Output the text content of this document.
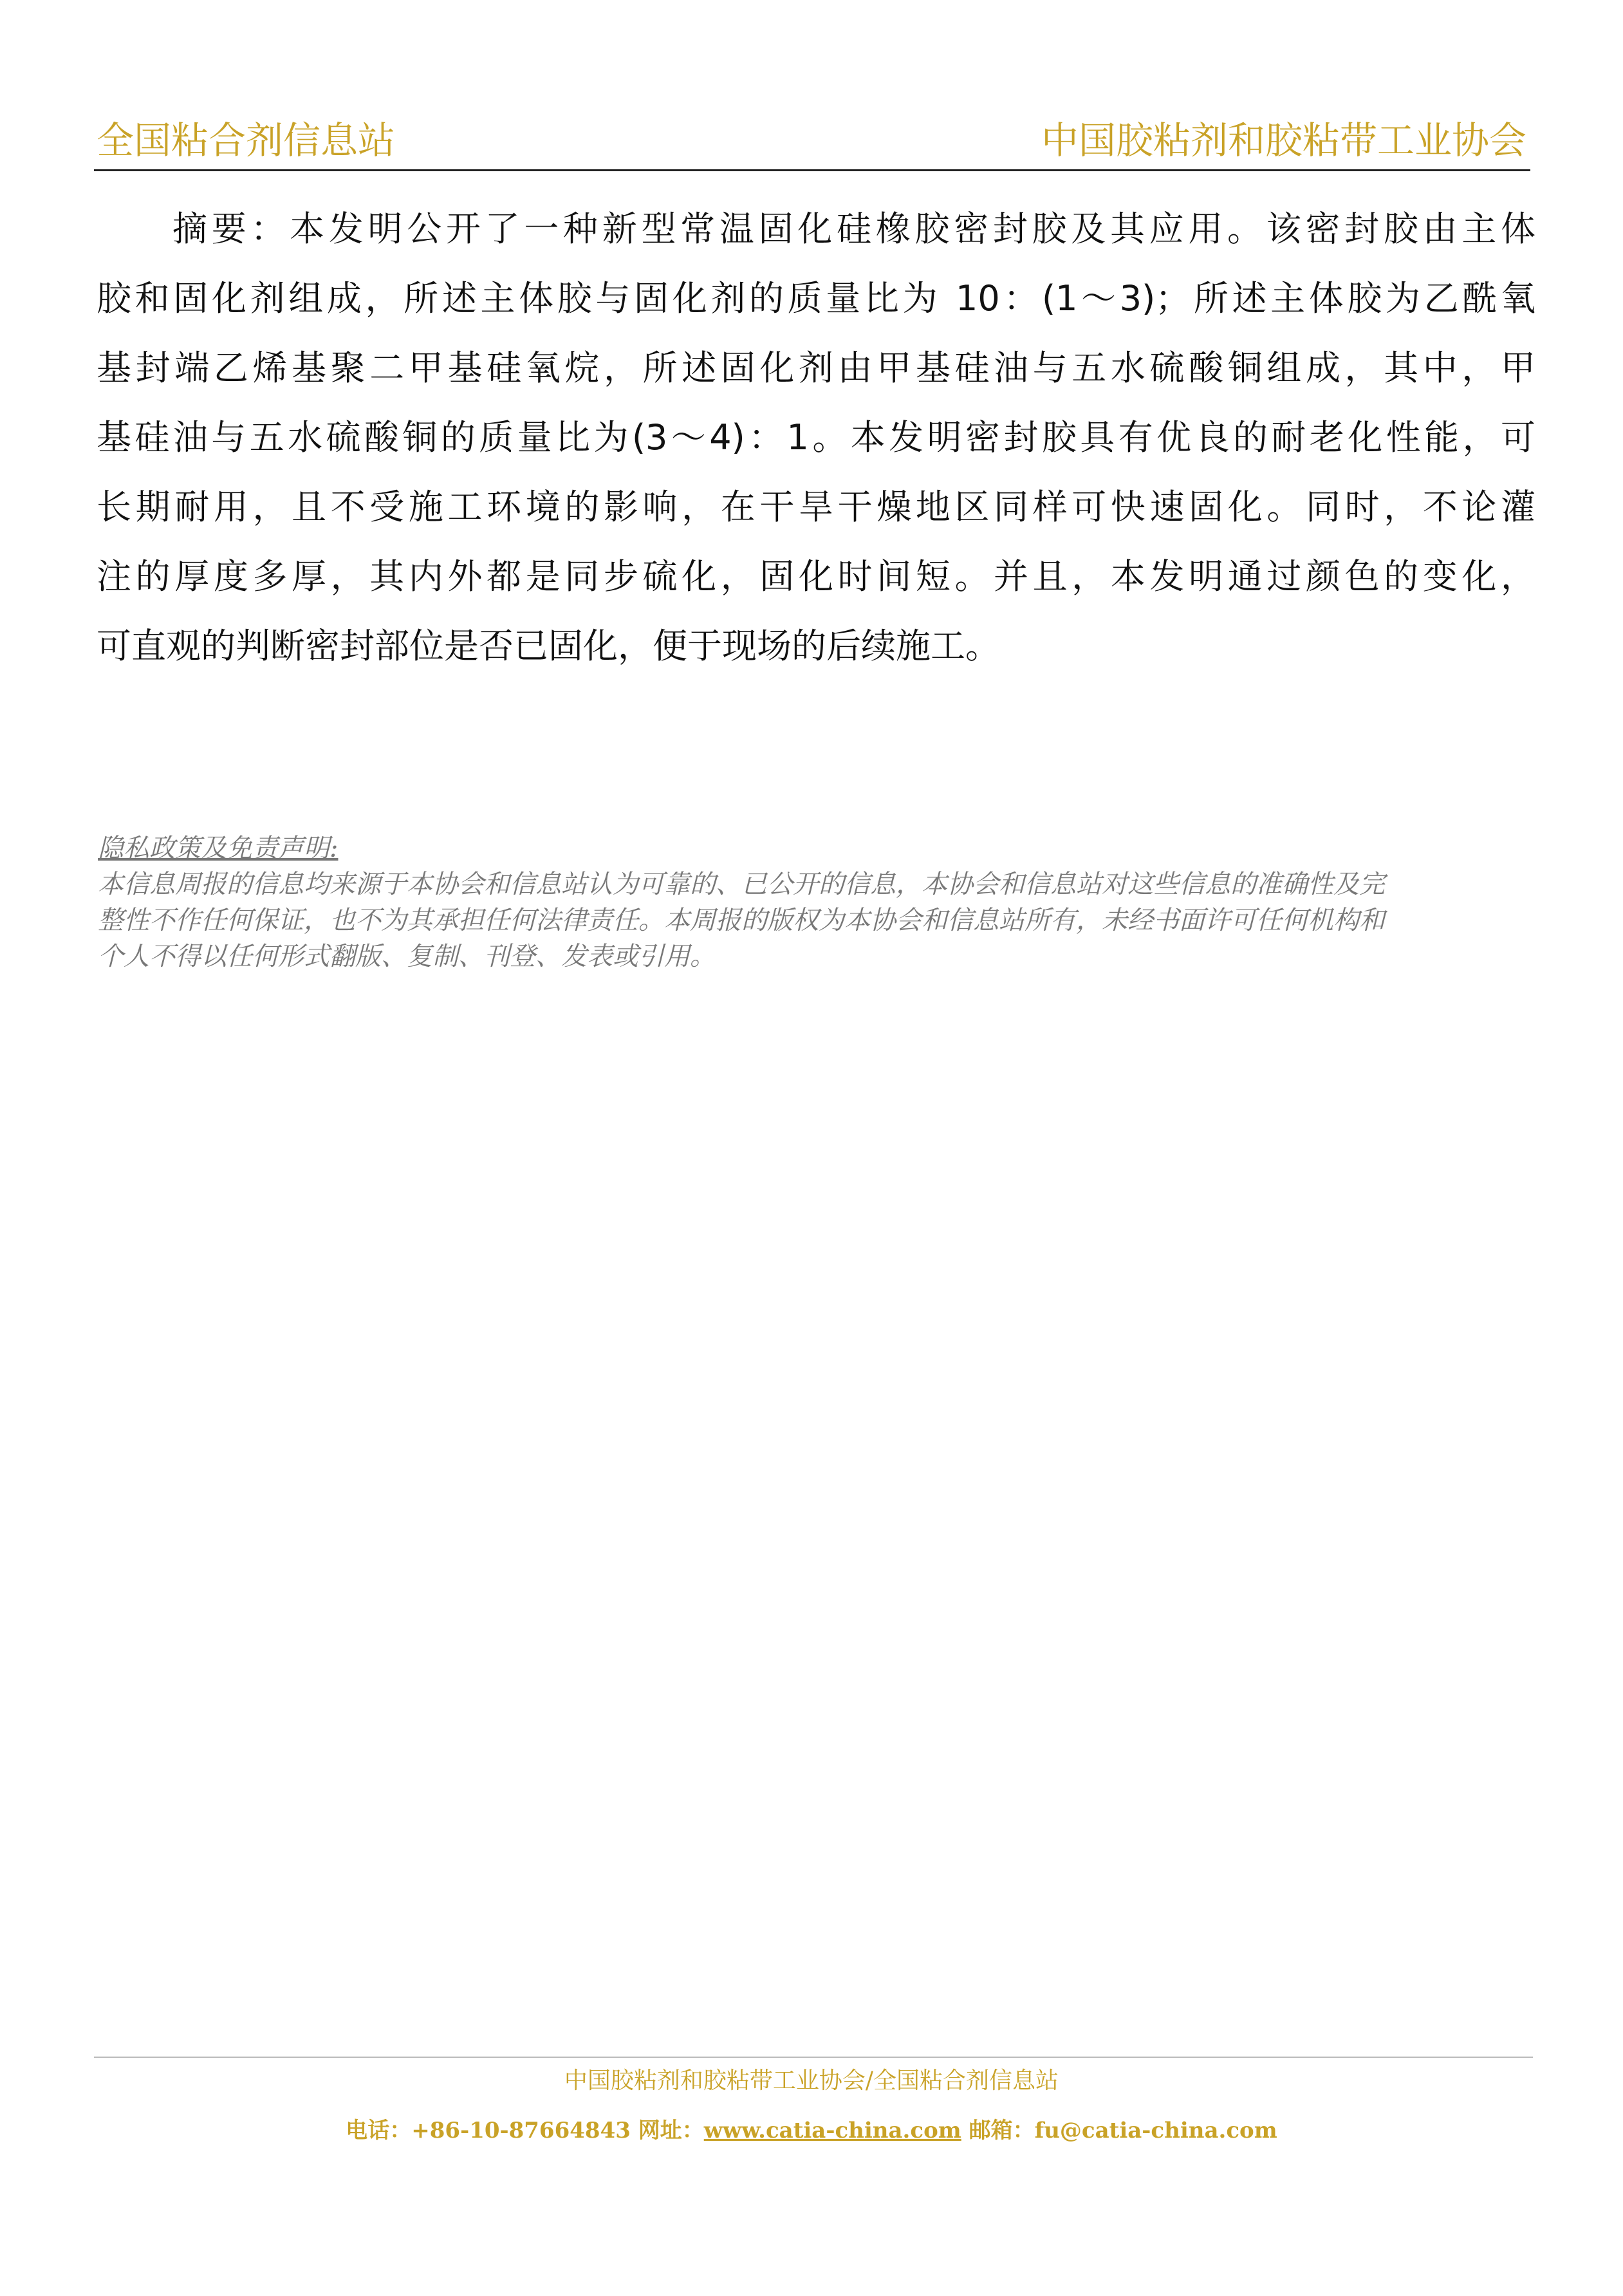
全国粘合剂信息站	中国胶粘剂和胶粘带工业协会
摘要：本发明公开了一种新型常温固化硅橡胶密封胶及其应用。该密封胶由主体
胶和固化剂组成，所述主体胶与固化剂的质量比为 10：(1～3)；所述主体胶为乙酰氧
基封端乙烯基聚二甲基硅氧烷，所述固化剂由甲基硅油与五水硫酸铜组成，其中，甲
基硅油与五水硫酸铜的质量比为(3～4)：1。本发明密封胶具有优良的耐老化性能，可
长期耐用，且不受施工环境的影响，在干旱干燥地区同样可快速固化。同时，不论灌
注的厚度多厚，其内外都是同步硫化，固化时间短。并且，本发明通过颜色的变化，
可直观的判断密封部位是否已固化，便于现场的后续施工。
隐私政策及免责声明:
本信息周报的信息均来源于本协会和信息站认为可靠的、已公开的信息，本协会和信息站对这些信息的准确性及完
整性不作任何保证，也不为其承担任何法律责任。本周报的版权为本协会和信息站所有，未经书面许可任何机构和
个人不得以任何形式翻版、复制、刊登、发表或引用。
中国胶粘剂和胶粘带工业协会/全国粘合剂信息站
电话：+86-10-87664843 网址：www.catia-china.com 邮箱：fu@catia-china.com
